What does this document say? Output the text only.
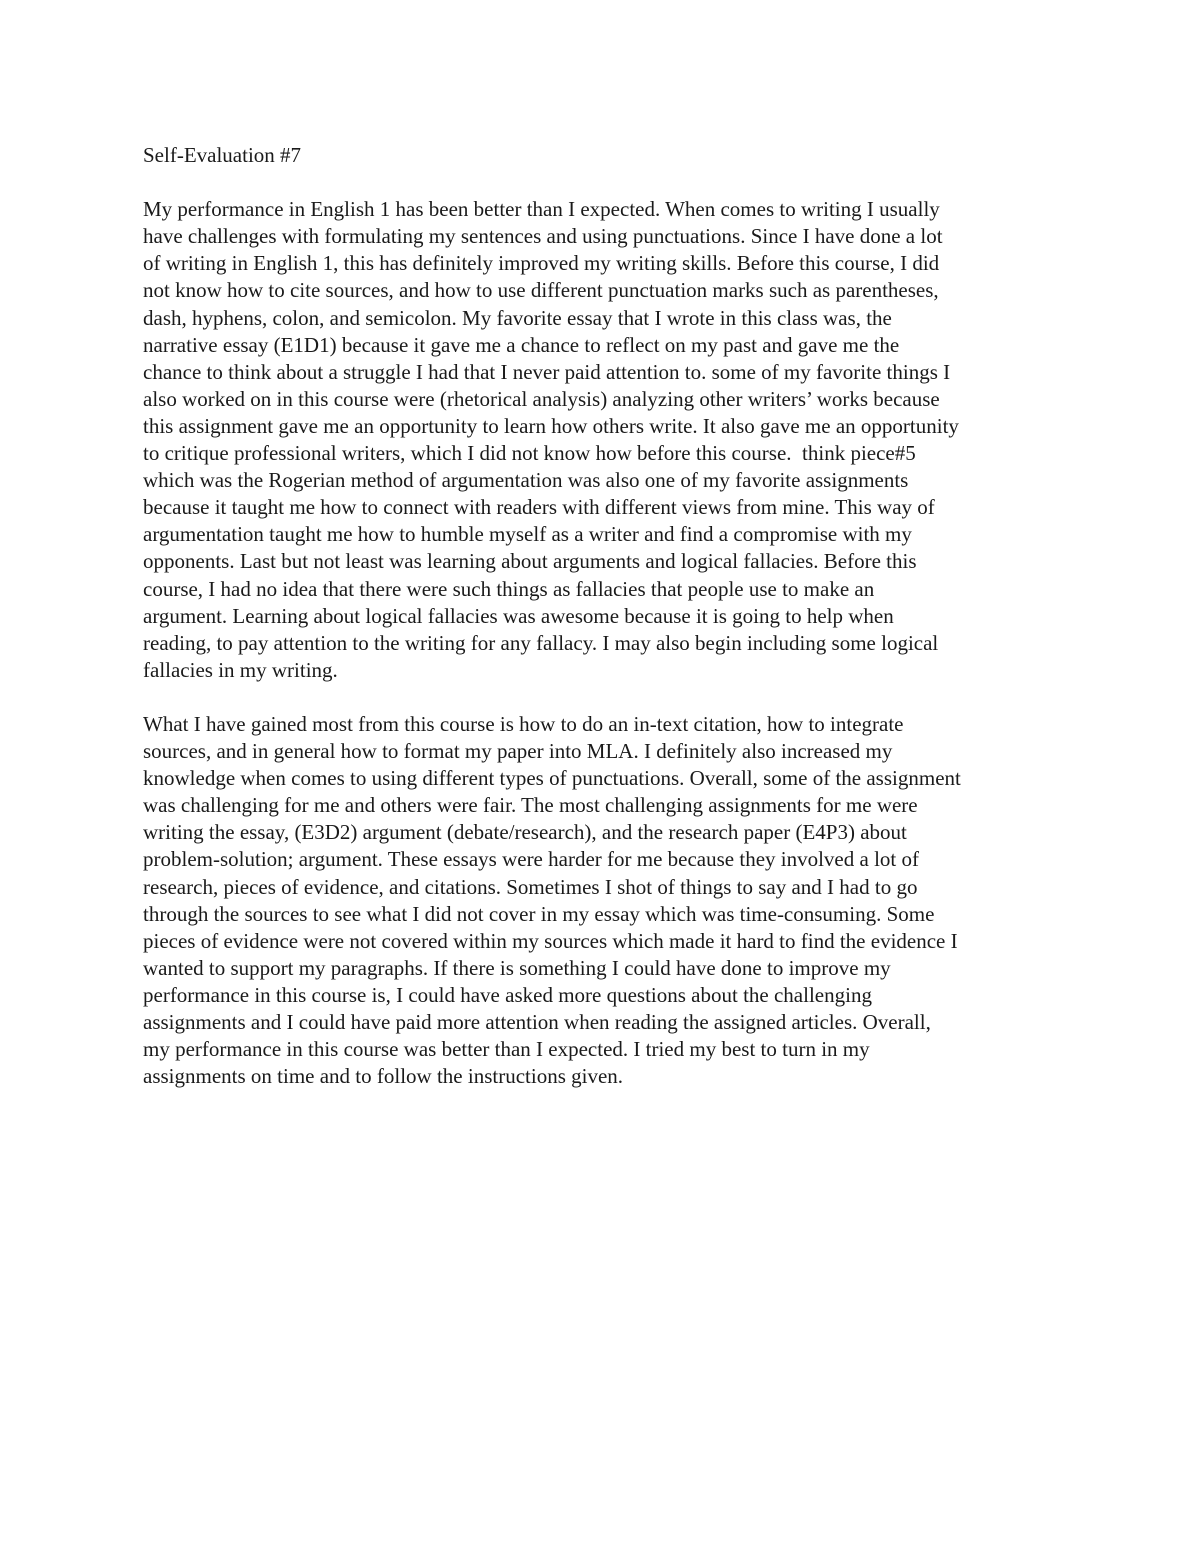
Self-Evaluation #7
My performance in English 1 has been better than I expected. When comes to writing I usually
have challenges with formulating my sentences and using punctuations. Since I have done a lot
of writing in English 1, this has definitely improved my writing skills. Before this course, I did
not know how to cite sources, and how to use different punctuation marks such as parentheses,
dash, hyphens, colon, and semicolon. My favorite essay that I wrote in this class was, the
narrative essay (E1D1) because it gave me a chance to reflect on my past and gave me the
chance to think about a struggle I had that I never paid attention to. some of my favorite things I
also worked on in this course were (rhetorical analysis) analyzing other writers’ works because
this assignment gave me an opportunity to learn how others write. It also gave me an opportunity
to critique professional writers, which I did not know how before this course.  think piece#5
which was the Rogerian method of argumentation was also one of my favorite assignments
because it taught me how to connect with readers with different views from mine. This way of
argumentation taught me how to humble myself as a writer and find a compromise with my
opponents. Last but not least was learning about arguments and logical fallacies. Before this
course, I had no idea that there were such things as fallacies that people use to make an
argument. Learning about logical fallacies was awesome because it is going to help when
reading, to pay attention to the writing for any fallacy. I may also begin including some logical
fallacies in my writing.
What I have gained most from this course is how to do an in-text citation, how to integrate
sources, and in general how to format my paper into MLA. I definitely also increased my
knowledge when comes to using different types of punctuations. Overall, some of the assignment
was challenging for me and others were fair. The most challenging assignments for me were
writing the essay, (E3D2) argument (debate/research), and the research paper (E4P3) about
problem-solution; argument. These essays were harder for me because they involved a lot of
research, pieces of evidence, and citations. Sometimes I shot of things to say and I had to go
through the sources to see what I did not cover in my essay which was time-consuming. Some
pieces of evidence were not covered within my sources which made it hard to find the evidence I
wanted to support my paragraphs. If there is something I could have done to improve my
performance in this course is, I could have asked more questions about the challenging
assignments and I could have paid more attention when reading the assigned articles. Overall,
my performance in this course was better than I expected. I tried my best to turn in my
assignments on time and to follow the instructions given.
